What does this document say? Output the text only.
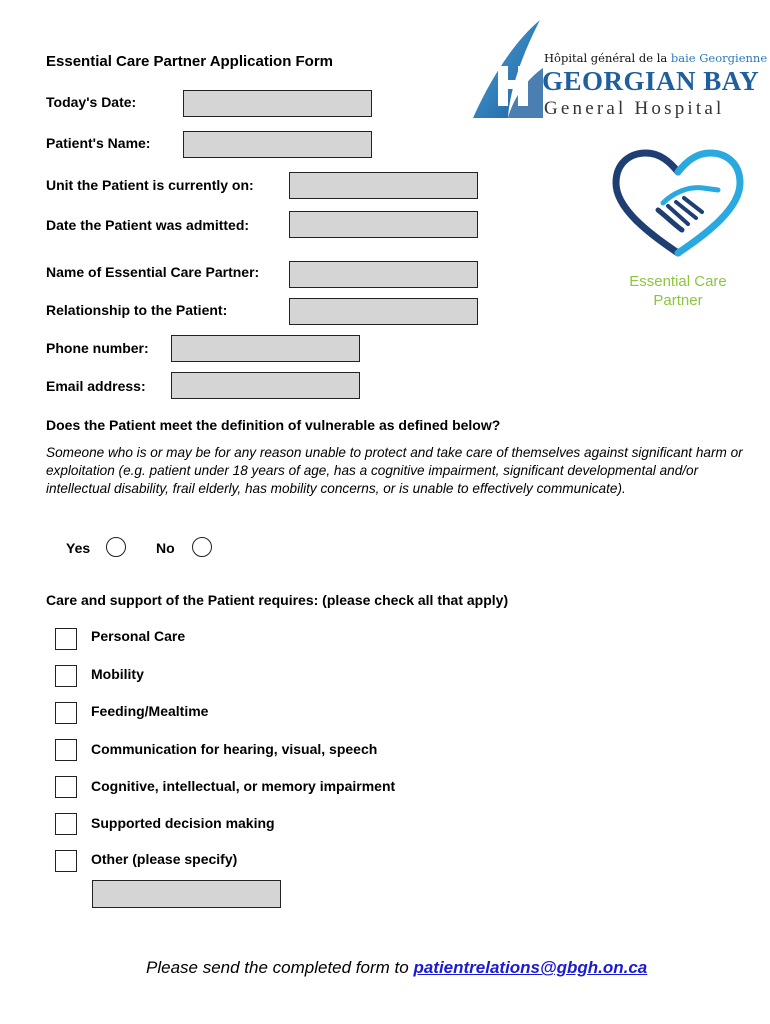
Essential Care Partner Application Form	Hôpital général de la baie Georgienne
GEORGIAN BAY
General Hospital
Essential Care
Partner
Today's Date:
Patient's Name:
Unit the Patient is currently on:
Date the Patient was admitted:
Name of Essential Care Partner:
Relationship to the Patient:
Phone number:
Email address:
Does the Patient meet the definition of vulnerable as defined below?
Someone who is or may be for any reason unable to protect and take care of themselves against significant harm or exploitation (e.g. patient under 18 years of age, has a cognitive impairment, significant developmental and/or intellectual disability, frail elderly, has mobility concerns, or is unable to effectively communicate).
Yes	No
Care and support of the Patient requires: (please check all that apply)
Personal Care
Mobility
Feeding/Mealtime
Communication for hearing, visual, speech
Cognitive, intellectual, or memory impairment
Supported decision making
Other (please specify)
Please send the completed form to patientrelations@gbgh.on.ca
